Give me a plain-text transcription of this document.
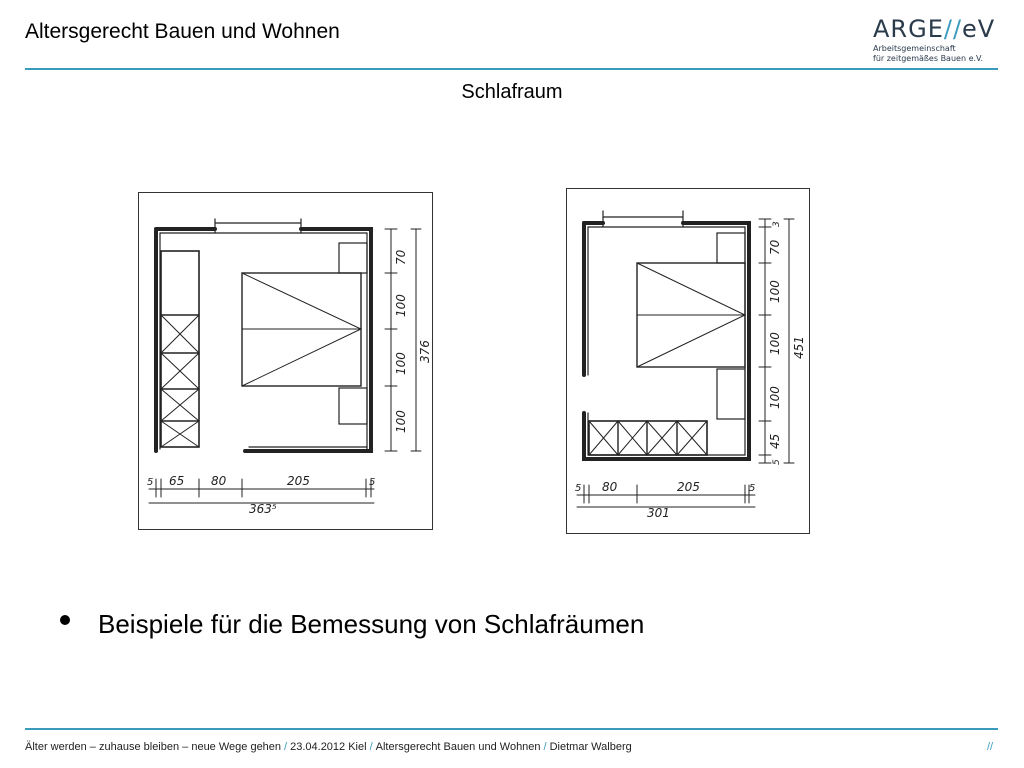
Altersgerecht Bauen und Wohnen	ARGE//eV
Arbeitsgemeinschaft
für zeitgemäßes Bauen e.V.
Schlafraum
5 65 80	205	5
363⁵
70
100
100
100
376
5 80	205	5
301
3
70
100
100
100
45
5
451
Beispiele für die Bemessung von Schlafräumen
Älter werden – zuhause bleiben – neue Wege gehen / 23.04.2012 Kiel / Altersgerecht Bauen und Wohnen / Dietmar Walberg	//
